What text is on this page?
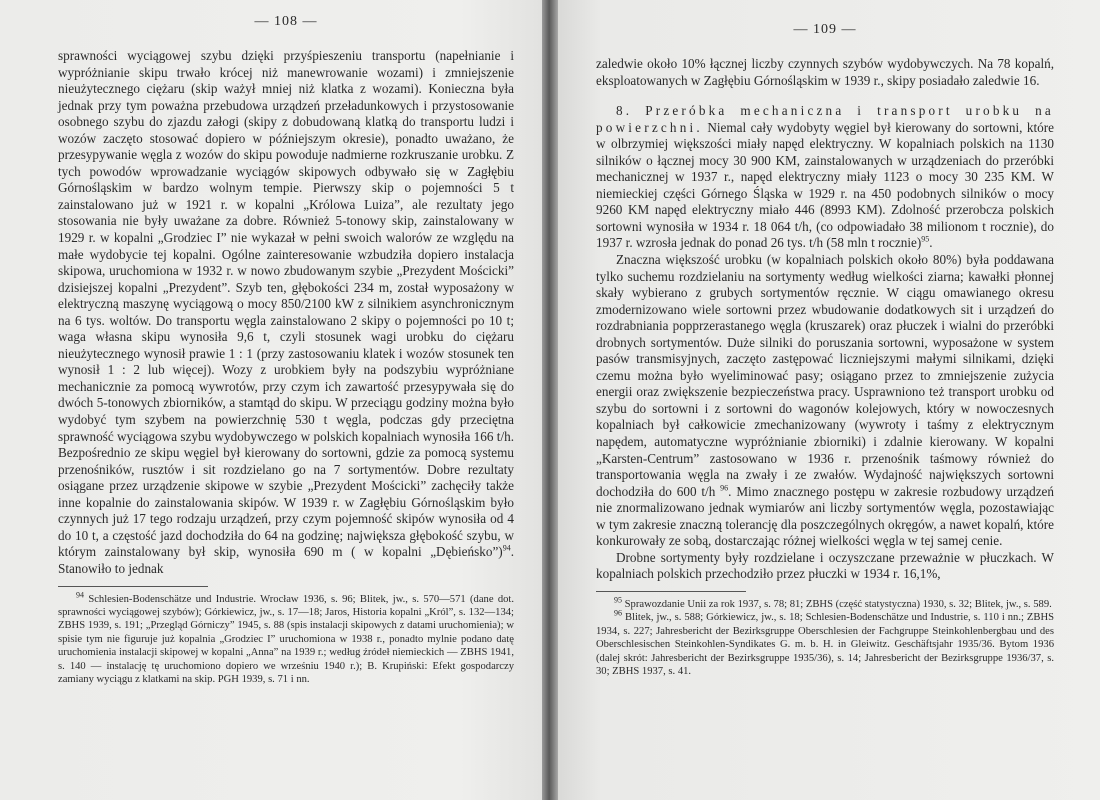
— 108 —

sprawności wyciągowej szybu dzięki przyśpieszeniu transportu (napełnianie i wypróżnianie skipu trwało krócej niż manewrowanie wozami) i zmniejszenie nieużytecznego ciężaru (skip ważył mniej niż klatka z wozami). Konieczna była jednak przy tym poważna przebudowa urządzeń przeładunkowych i przystosowanie osobnego szybu do zjazdu załogi (skipy z dobudowaną klatką do transportu ludzi i wozów zaczęto stosować dopiero w późniejszym okresie), ponadto uważano, że przesypywanie węgla z wozów do skipu powoduje nadmierne rozkruszanie urobku. Z tych powodów wprowadzanie wyciągów skipowych odbywało się w Zagłębiu Górnośląskim w bardzo wolnym tempie. Pierwszy skip o pojemności 5 t zainstalowano już w 1921 r. w kopalni „Królowa Luiza”, ale rezultaty jego stosowania nie były uważane za dobre. Również 5-tonowy skip, zainstalowany w 1929 r. w kopalni „Grodziec I” nie wykazał w pełni swoich walorów ze względu na małe wydobycie tej kopalni. Ogólne zainteresowanie wzbudziła dopiero instalacja skipowa, uruchomiona w 1932 r. w nowo zbudowanym szybie „Prezydent Mościcki” dzisiejszej kopalni „Prezydent”. Szyb ten, głębokości 234 m, został wyposażony w elektryczną maszynę wyciągową o mocy 850/2100 kW z silnikiem asynchronicznym na 6 tys. woltów. Do transportu węgla zainstalowano 2 skipy o pojemności po 10 t; waga własna skipu wynosiła 9,6 t, czyli stosunek wagi urobku do ciężaru nieużytecznego wynosił prawie 1 : 1 (przy zastosowaniu klatek i wozów stosunek ten wynosił 1 : 2 lub więcej). Wozy z urobkiem były na podszybiu wypróżniane mechanicznie za pomocą wywrotów, przy czym ich zawartość przesypywała się do dwóch 5-tonowych zbiorników, a stamtąd do skipu. W przeciągu godziny można było wydobyć tym szybem na powierzchnię 530 t węgla, podczas gdy przeciętna sprawność wyciągowa szybu wydobywczego w polskich kopalniach wynosiła 166 t/h. Bezpośrednio ze skipu węgiel był kierowany do sortowni, gdzie za pomocą systemu przenośników, rusztów i sit rozdzielano go na 7 sortymentów. Dobre rezultaty osiągane przez urządzenie skipowe w szybie „Prezydent Mościcki” zachęciły także inne kopalnie do zainstalowania skipów. W 1939 r. w Zagłębiu Górnośląskim było czynnych już 17 tego rodzaju urządzeń, przy czym pojemność skipów wynosiła od 4 do 10 t, a częstość jazd dochodziła do 64 na godzinę; największa głębokość szybu, w którym zainstalowany był skip, wynosiła 690 m ( w kopalni „Dębieńsko”)$^{94}$. Stanowiło to jednak

$^{94}$ Schlesien-Bodenschätze und Industrie. Wrocław 1936, s. 96; Blitek, jw., s. 570—571 (dane dot. sprawności wyciągowej szybów); Górkiewicz, jw., s. 17—18; Jaros, Historia kopalni „Król”, s. 132—134; ZBHS 1939, s. 191; „Przegląd Górniczy” 1945, s. 88 (spis instalacji skipowych z datami uruchomienia); w spisie tym nie figuruje już kopalnia „Grodziec I” uruchomiona w 1938 r., ponadto mylnie podano datę uruchomienia instalacji skipowej w kopalni „Anna” na 1939 r.; według źródeł niemieckich — ZBHS 1941, s. 140 — instalację tę uruchomiono dopiero we wrześniu 1940 r.); B. Krupiński: Efekt gospodarczy zamiany wyciągu z klatkami na skip. PGH 1939, s. 71 i nn.

— 109 —

zaledwie około 10% łącznej liczby czynnych szybów wydobywczych. Na 78 kopalń, eksploatowanych w Zagłębiu Górnośląskim w 1939 r., skipy posiadało zaledwie 16.

8. Przeróbka mechaniczna i transport urobku na powierzchni. Niemal cały wydobyty węgiel był kierowany do sortowni, które w olbrzymiej większości miały napęd elektryczny. W kopalniach polskich na 1130 silników o łącznej mocy 30 900 KM, zainstalowanych w urządzeniach do przeróbki mechanicznej w 1937 r., napęd elektryczny miały 1123 o mocy 30 235 KM. W niemieckiej części Górnego Śląska w 1929 r. na 450 podobnych silników o mocy 9260 KM napęd elektryczny miało 446 (8993 KM). Zdolność przerobcza polskich sortowni wynosiła w 1934 r. 18 064 t/h, (co odpowiadało 38 milionom t rocznie), do 1937 r. wzrosła jednak do ponad 26 tys. t/h (58 mln t rocznie)$^{95}$.

Znaczna większość urobku (w kopalniach polskich około 80%) była poddawana tylko suchemu rozdzielaniu na sortymenty według wielkości ziarna; kawałki płonnej skały wybierano z grubych sortymentów ręcznie. W ciągu omawianego okresu zmodernizowano wiele sortowni przez wbudowanie dodatkowych sit i urządzeń do rozdrabniania popprzerastanego węgla (kruszarek) oraz płuczek i wialni do przeróbki drobnych sortymentów. Duże silniki do poruszania sortowni, wyposażone w system pasów transmisyjnych, zaczęto zastępować liczniejszymi małymi silnikami, dzięki czemu można było wyeliminować pasy; osiągano przez to zmniejszenie zużycia energii oraz zwiększenie bezpieczeństwa pracy. Usprawniono też transport urobku od szybu do sortowni i z sortowni do wagonów kolejowych, który w nowoczesnych kopalniach był całkowicie zmechanizowany (wywroty i taśmy z elektrycznym napędem, automatyczne wypróżnianie zbiorniki) i zdalnie kierowany. W kopalni „Karsten-Centrum” zastosowano w 1936 r. przenośnik taśmowy również do transportowania węgla na zwały i ze zwałów. Wydajność największych sortowni dochodziła do 600 t/h $^{96}$. Mimo znacznego postępu w zakresie rozbudowy urządzeń nie znormalizowano jednak wymiarów ani liczby sortymentów węgla, pozostawiając w tym zakresie znaczną tolerancję dla poszczególnych okręgów, a nawet kopalń, które konkurowały ze sobą, dostarczając różnej wielkości węgla w tej samej cenie.

Drobne sortymenty były rozdzielane i oczyszczane przeważnie w płuczkach. W kopalniach polskich przechodziło przez płuczki w 1934 r. 16,1%,

$^{95}$ Sprawozdanie Unii za rok 1937, s. 78; 81; ZBHS (część statystyczna) 1930, s. 32; Blitek, jw., s. 589.

$^{96}$ Blitek, jw., s. 588; Górkiewicz, jw., s. 18; Schlesien-Bodenschätze und Industrie, s. 110 i nn.; ZBHS 1934, s. 227; Jahresbericht der Bezirksgruppe Oberschlesien der Fachgruppe Steinkohlenbergbau und des Oberschlesischen Steinkohlen-Syndikates G. m. b. H. in Gleiwitz. Geschäftsjahr 1935/36. Bytom 1936 (dalej skrót: Jahresbericht der Bezirksgruppe 1935/36), s. 14; Jahresbericht der Bezirksgruppe 1936/37, s. 30; ZBHS 1937, s. 41.
